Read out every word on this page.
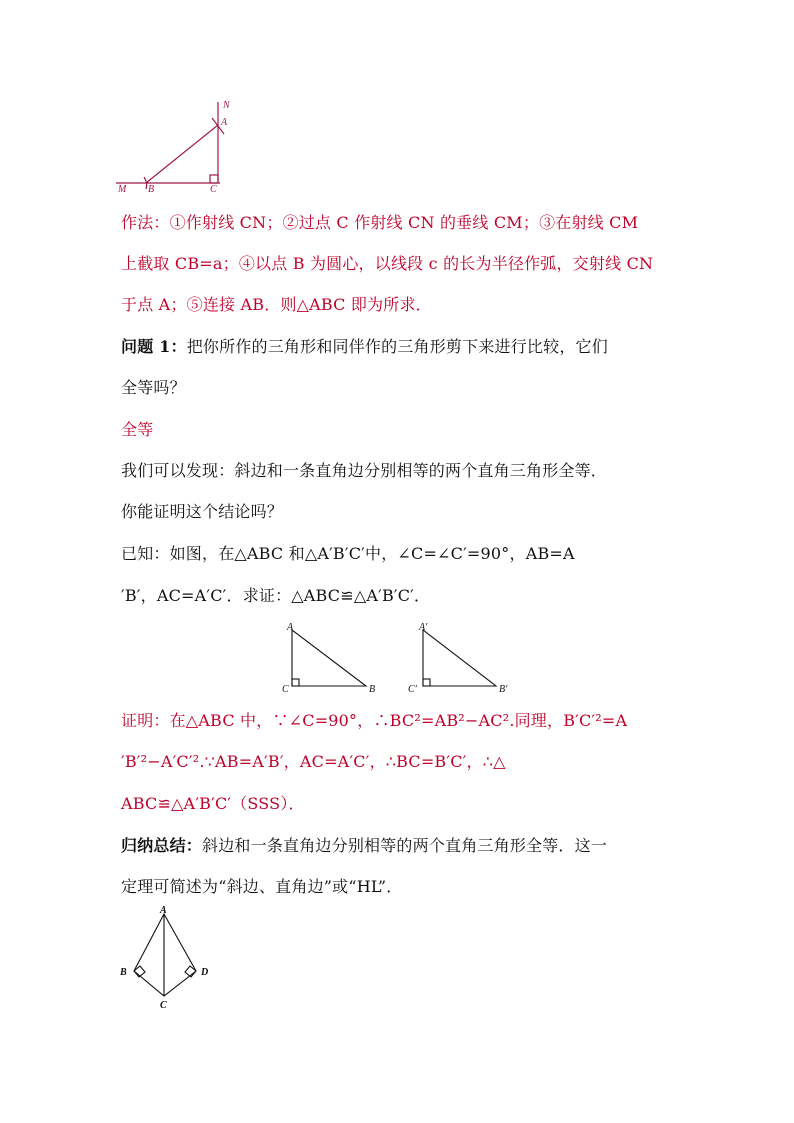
N
A
M B	C
作法：①作射线 CN；②过点 C 作射线 CN 的垂线 CM；③在射线 CM
上截取 CB=a；④以点 B 为圆心，以线段 c 的长为半径作弧，交射线 CN
于点 A；⑤连接 AB．则△ABC 即为所求．
问题 1：把你所作的三角形和同伴作的三角形剪下来进行比较，它们
全等吗？
全等
我们可以发现：斜边和一条直角边分别相等的两个直角三角形全等．
你能证明这个结论吗？
已知：如图，在△ABC 和△A′B′C′中，∠C=∠C′=90°，AB=A
′B′，AC=A′C′．求证：△ABC≌△A′B′C′．
A
C	B
A′
C′	B′
证明：在△ABC 中，∵∠C=90°，∴BC²=AB²−AC².同理，B′C′²=A
′B′²−A′C′².∵AB=A′B′，AC=A′C′，∴BC=B′C′，∴△
ABC≌△A′B′C′（SSS）．
归纳总结：斜边和一条直角边分别相等的两个直角三角形全等．这一
定理可简述为“斜边、直角边”或“HL”．
A
B
C
D
